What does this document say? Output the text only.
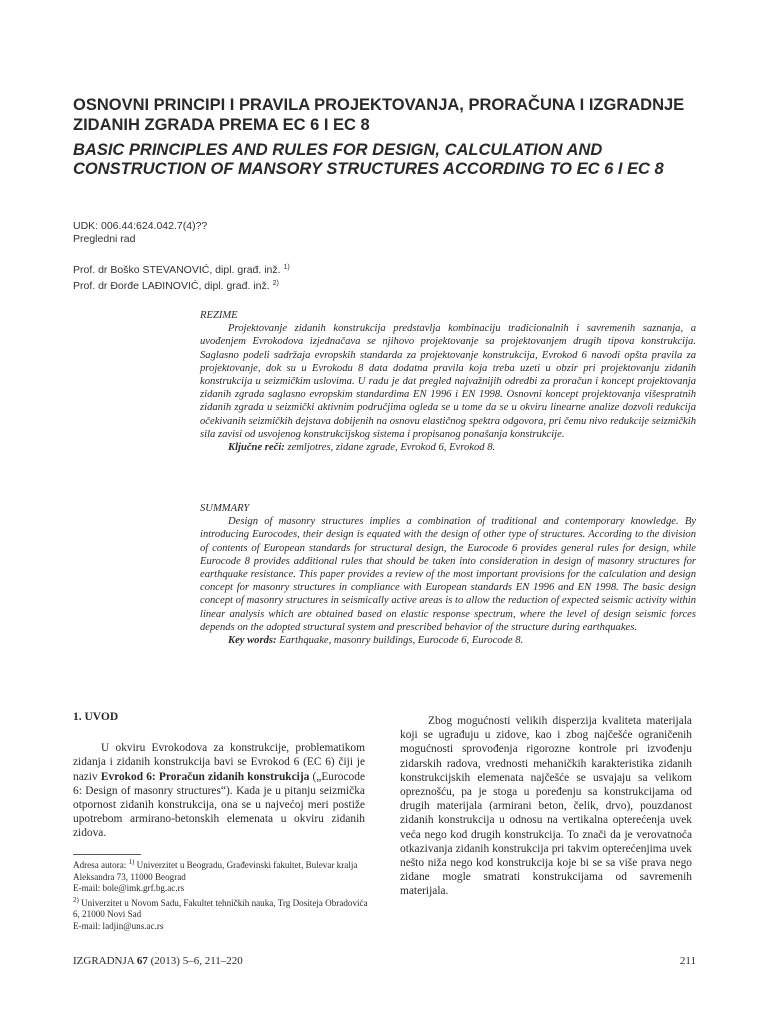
OSNOVNI PRINCIPI I PRAVILA PROJEKTOVANJA, PRORAČUNA I IZGRADNJE ZIDANIH ZGRADA PREMA EC 6 I EC 8
BASIC PRINCIPLES AND RULES FOR DESIGN, CALCULATION AND CONSTRUCTION OF MANSORY STRUCTURES ACCORDING TO EC 6 I EC 8
UDK: 006.44:624.042.7(4)??
Pregledni rad
Prof. dr Boško STEVANOVIĆ, dipl. građ. inž. $^{1)}$
Prof. dr Đorđe LAĐINOVIĆ, dipl. građ. inž. $^{2)}$
REZIME
Projektovanje zidanih konstrukcija predstavlja kombinaciju tradicionalnih i savremenih saznanja, a uvođenjem Evrokodova izjednačava se njihovo projektovanje sa projektovanjem drugih tipova konstrukcija. Saglasno podeli sadržaja evropskih standarda za projektovanje konstrukcija, Evrokod 6 navodi opšta pravila za projektovanje, dok su u Evrokodu 8 data dodatna pravila koja treba uzeti u obzir pri projektovanju zidanih konstrukcija u seizmičkim uslovima. U radu je dat pregled najvažnijih odredbi za proračun i koncept projektovanja zidanih zgrada saglasno evropskim standardima EN 1996 i EN 1998. Osnovni koncept projektovanja višespratnih zidanih zgrada u seizmički aktivnim područjima ogleda se u tome da se u okviru linearne analize dozvoli redukcija očekivanih seizmičkih dejstava dobijenih na osnovu elastičnog spektra odgovora, pri čemu nivo redukcije seizmičkih sila zavisi od usvojenog konstrukcijskog sistema i propisanog ponašanja konstrukcije.
Ključne reči: zemljotres, zidane zgrade, Evrokod 6, Evrokod 8.
SUMMARY
Design of masonry structures implies a combination of traditional and contemporary knowledge. By introducing Eurocodes, their design is equated with the design of other type of structures. According to the division of contents of European standards for structural design, the Eurocode 6 provides general rules for design, while Eurocode 8 provides additional rules that should be taken into consideration in design of masonry structures for earthquake resistance. This paper provides a review of the most important provisions for the calculation and design concept for masonry structures in compliance with European standards EN 1996 and EN 1998. The basic design concept of masonry structures in seismically active areas is to allow the reduction of expected seismic activity within linear analysis which are obtained based on elastic response spectrum, where the level of design seismic forces depends on the adopted structural system and prescribed behavior of the structure during earthquakes.
Key words: Earthquake, masonry buildings, Eurocode 6, Eurocode 8.
1. UVOD

U okviru Evrokodova za konstrukcije, problematikom zidanja i zidanih konstrukcija bavi se Evrokod 6 (EC 6) čiji je naziv Evrokod 6: Proračun zidanih konstrukcija („Eurocode 6: Design of masonry structures“). Kada je u pitanju seizmička otpornost zidanih konstrukcija, ona se u najvećoj meri postiže upotrebom armirano-betonskih elemenata u okviru zidanih zidova.

Adresa autora: $^{1)}$ Univerzitet u Beogradu, Građevinski fakultet, Bulevar kralja Aleksandra 73, 11000 Beograd
E-mail: bole@imk.grf.bg.ac.rs
$^{2)}$ Univerzitet u Novom Sadu, Fakultet tehničkih nauka, Trg Dositeja Obradovića 6, 21000 Novi Sad
E-mail: ladjin@uns.ac.rs

Zbog mogućnosti velikih disperzija kvaliteta materijala koji se ugrađuju u zidove, kao i zbog najčešće ograničenih mogućnosti sprovođenja rigorozne kontrole pri izvođenju zidarskih radova, vrednosti mehaničkih karakteristika zidanih konstrukcijskih elemenata najčešće se usvajaju sa velikom opreznošću, pa je stoga u poređenju sa konstrukcijama od drugih materijala (armirani beton, čelik, drvo), pouzdanost zidanih konstrukcija u odnosu na vertikalna opterećenja uvek veća nego kod drugih konstrukcija. To znači da je verovatnoća otkazivanja zidanih konstrukcija pri takvim opterećenjima uvek nešto niža nego kod konstrukcija koje bi se sa više prava nego zidane mogle smatrati konstrukcijama od savremenih materijala.

IZGRADNJA 67 (2013) 5–6, 211–220	211
